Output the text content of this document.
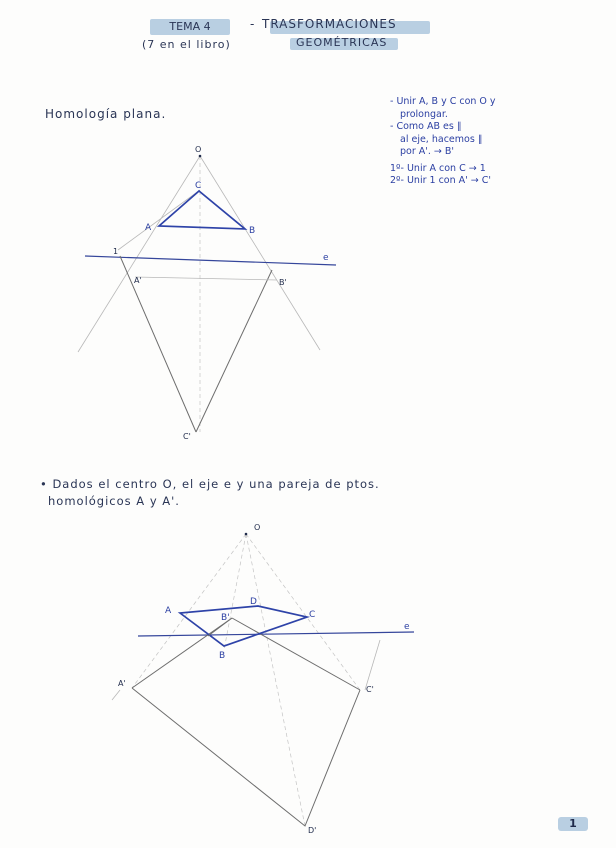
TEMA 4	- TRASFORMACIONES
GEOMÉTRICAS
(7 en el libro)
Homología plana.
- Unir A, B y C con O y
prolongar.
- Como AB es ∥
al eje, hacemos ∥
por A'. → B'
1º- Unir A con C → 1
2º- Unir 1 con A' → C'
• Dados el centro O, el eje e y una pareja de ptos.
homológicos A y A'.
O
C
A	B
e
1
A'	B'
C'
O
A
B'
D
C
B
e
A'
C'
D'
1
